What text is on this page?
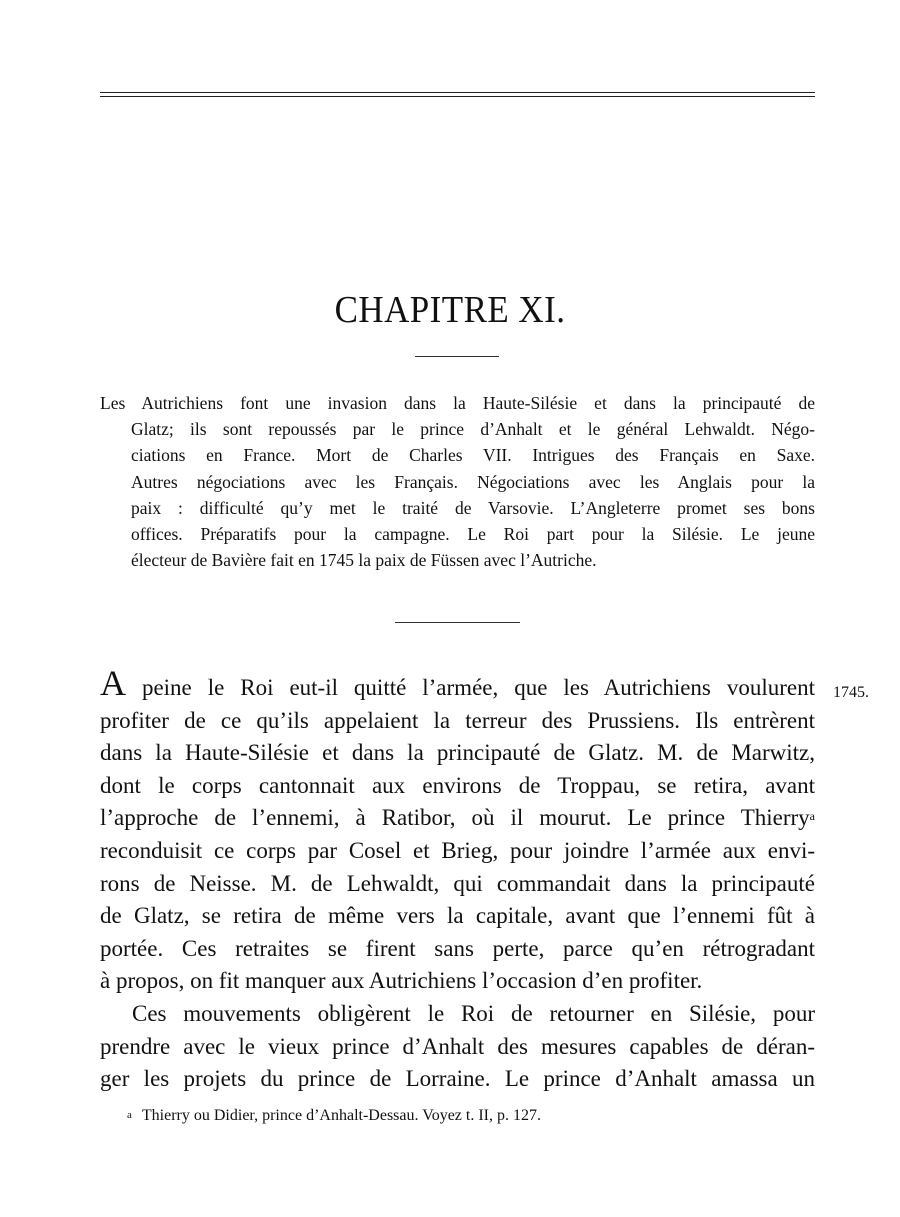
CHAPITRE XI.
Les Autrichiens font une invasion dans la Haute-Silésie et dans la principauté de
Glatz; ils sont repoussés par le prince d’Anhalt et le général Lehwaldt. Négo-
ciations en France. Mort de Charles VII. Intrigues des Français en Saxe.
Autres négociations avec les Français. Négociations avec les Anglais pour la
paix : difficulté qu’y met le traité de Varsovie. L’Angleterre promet ses bons
offices. Préparatifs pour la campagne. Le Roi part pour la Silésie. Le jeune
électeur de Bavière fait en 1745 la paix de Füssen avec l’Autriche.
1745.
A peine le Roi eut-il quitté l’armée, que les Autrichiens voulurent
profiter de ce qu’ils appelaient la terreur des Prussiens. Ils entrèrent
dans la Haute-Silésie et dans la principauté de Glatz. M. de Marwitz,
dont le corps cantonnait aux environs de Troppau, se retira, avant
l’approche de l’ennemi, à Ratibor, où il mourut. Le prince Thierry$^a$
reconduisit ce corps par Cosel et Brieg, pour joindre l’armée aux envi-
rons de Neisse. M. de Lehwaldt, qui commandait dans la principauté
de Glatz, se retira de même vers la capitale, avant que l’ennemi fût à
portée. Ces retraites se firent sans perte, parce qu’en rétrogradant
à propos, on fit manquer aux Autrichiens l’occasion d’en profiter.
Ces mouvements obligèrent le Roi de retourner en Silésie, pour
prendre avec le vieux prince d’Anhalt des mesures capables de déran-
ger les projets du prince de Lorraine. Le prince d’Anhalt amassa un
$^a$ Thierry ou Didier, prince d’Anhalt-Dessau. Voyez t. II, p. 127.
